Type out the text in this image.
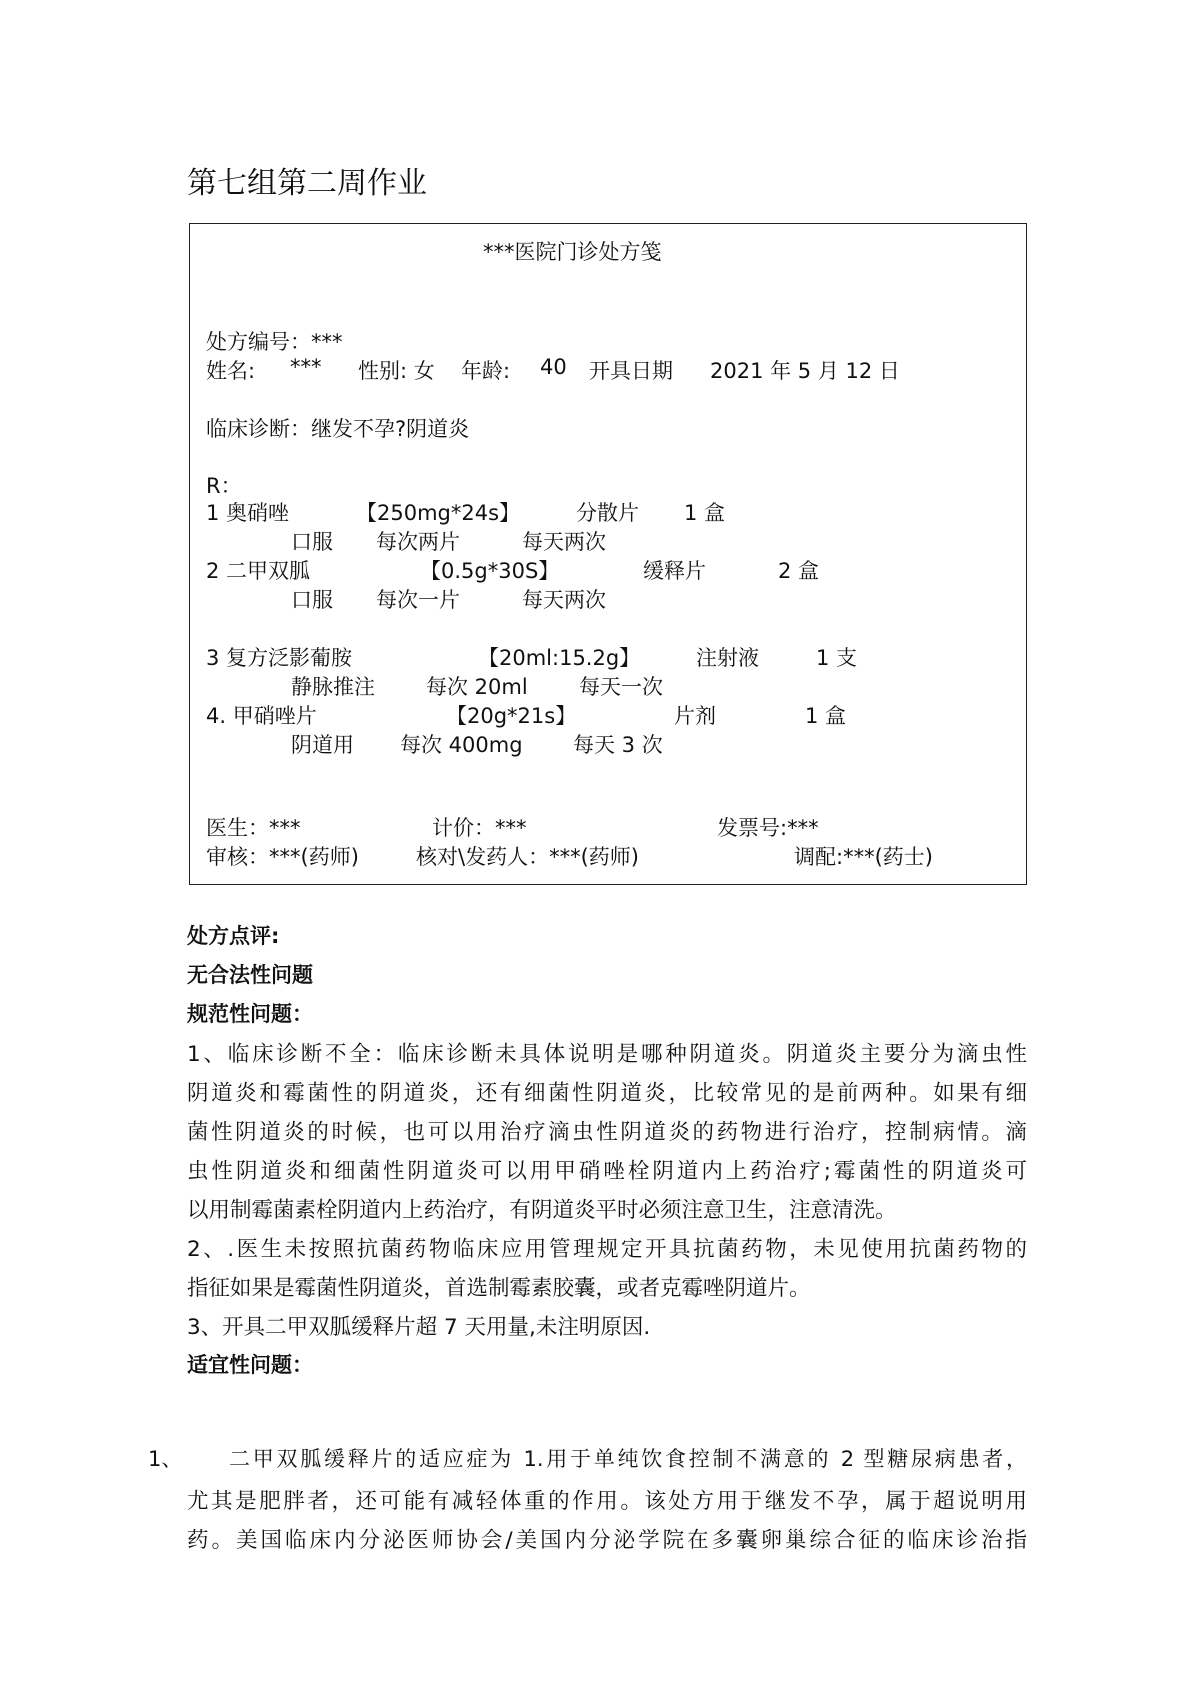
第七组第二周作业
***医院门诊处方笺
处方编号：***
姓名: *** 性别: 女 年龄: 40 开具日期 2021 年 5 月 12 日
临床诊断：继发不孕?阴道炎
R：
1 奥硝唑	【250mg*24s】	分散片 1 盒
口服 每次两片	每天两次
2 二甲双胍	【0.5g*30S】	缓释片	2 盒
口服 每次一片	每天两次
3 复方泛影葡胺	【20ml:15.2g】	注射液	1 支
静脉推注 每次 20ml 每天一次
4. 甲硝唑片	【20g*21s】	片剂	1 盒
阴道用 每次 400mg 每天 3 次
医生：***	计价：***	发票号:***
审核：***(药师)	核对\发药人：***(药师)	调配:***(药士)
处方点评:
无合法性问题
规范性问题：
1、临床诊断不全：临床诊断未具体说明是哪种阴道炎。阴道炎主要分为滴虫性
阴道炎和霉菌性的阴道炎，还有细菌性阴道炎，比较常见的是前两种。如果有细
菌性阴道炎的时候，也可以用治疗滴虫性阴道炎的药物进行治疗，控制病情。滴
虫性阴道炎和细菌性阴道炎可以用甲硝唑栓阴道内上药治疗;霉菌性的阴道炎可
以用制霉菌素栓阴道内上药治疗，有阴道炎平时必须注意卫生，注意清洗。
2、.医生未按照抗菌药物临床应用管理规定开具抗菌药物，未见使用抗菌药物的
指征如果是霉菌性阴道炎，首选制霉素胶囊，或者克霉唑阴道片。
3、开具二甲双胍缓释片超 7 天用量,未注明原因.
适宜性问题：
1、 二甲双胍缓释片的适应症为 1.用于单纯饮食控制不满意的 2 型糖尿病患者，
尤其是肥胖者，还可能有减轻体重的作用。该处方用于继发不孕，属于超说明用
药。美国临床内分泌医师协会/美国内分泌学院在多囊卵巢综合征的临床诊治指
